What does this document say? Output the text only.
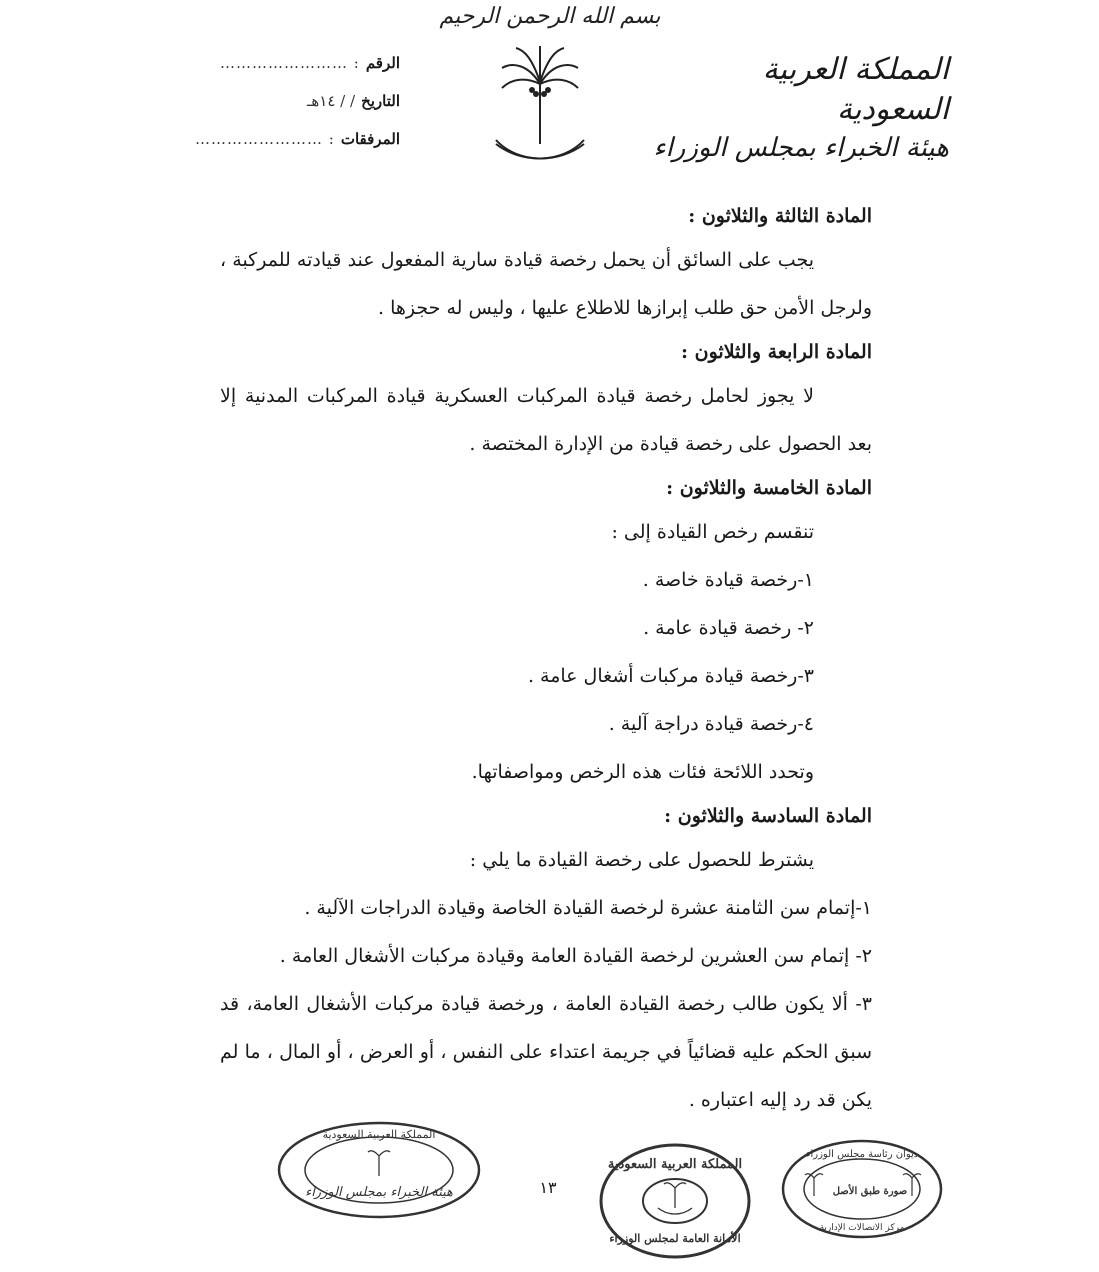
بسم الله الرحمن الرحيم
المملكة العربية السعودية
هيئة الخبراء بمجلس الوزراء
الرقم
: ……………………
التاريخ
/ / ١٤هـ
المرفقات
: ……………………
المادة الثالثة والثلاثون :
يجب على السائق أن يحمل رخصة قيادة سارية المفعول عند قيادته للمركبة ، ولرجل الأمن حق طلب إبرازها للاطلاع عليها ، وليس له حجزها .
المادة الرابعة والثلاثون :
لا يجوز لحامل رخصة قيادة المركبات العسكرية قيادة المركبات المدنية إلا بعد الحصول على رخصة قيادة من الإدارة المختصة .
المادة الخامسة والثلاثون :
تنقسم رخص القيادة إلى :
١-رخصة قيادة خاصة .
٢- رخصة قيادة عامة .
٣-رخصة قيادة مركبات أشغال عامة .
٤-رخصة قيادة دراجة آلية .
وتحدد اللائحة فئات هذه الرخص ومواصفاتها.
المادة السادسة والثلاثون :
يشترط للحصول على رخصة القيادة ما يلي :
١-إتمام سن الثامنة عشرة لرخصة القيادة الخاصة وقيادة الدراجات الآلية .
٢- إتمام سن العشرين لرخصة القيادة العامة وقيادة مركبات الأشغال العامة .
٣- ألا يكون طالب رخصة القيادة العامة ، ورخصة قيادة مركبات الأشغال العامة، قد سبق الحكم عليه قضائياً في جريمة اعتداء على النفس ، أو العرض ، أو المال ، ما لم يكن قد رد إليه اعتباره .
١٣
المملكة العربية السعودية
هيئة الخبراء بمجلس الوزراء
المملكة العربية السعودية
الأمانة العامة لمجلس الوزراء
ديوان رئاسة مجلس الوزراء
صورة طبق الأصل
مركز الاتصالات الإدارية
